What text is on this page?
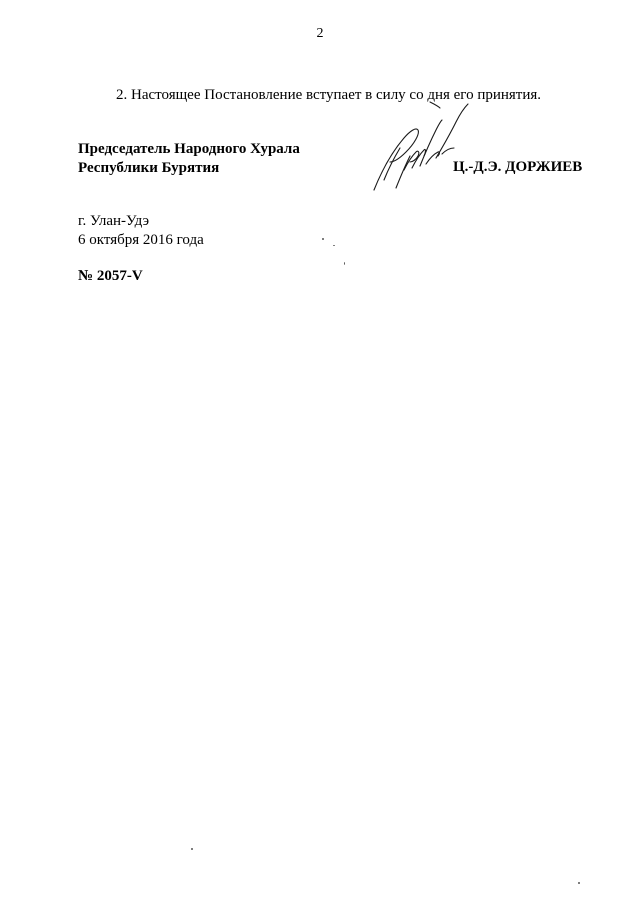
2
2. Настоящее Постановление вступает в силу со дня его принятия.
Председатель Народного Хурала
Республики Бурятия	Ц.-Д.Э. ДОРЖИЕВ
г. Улан-Удэ
6 октября 2016 года
№ 2057-V
